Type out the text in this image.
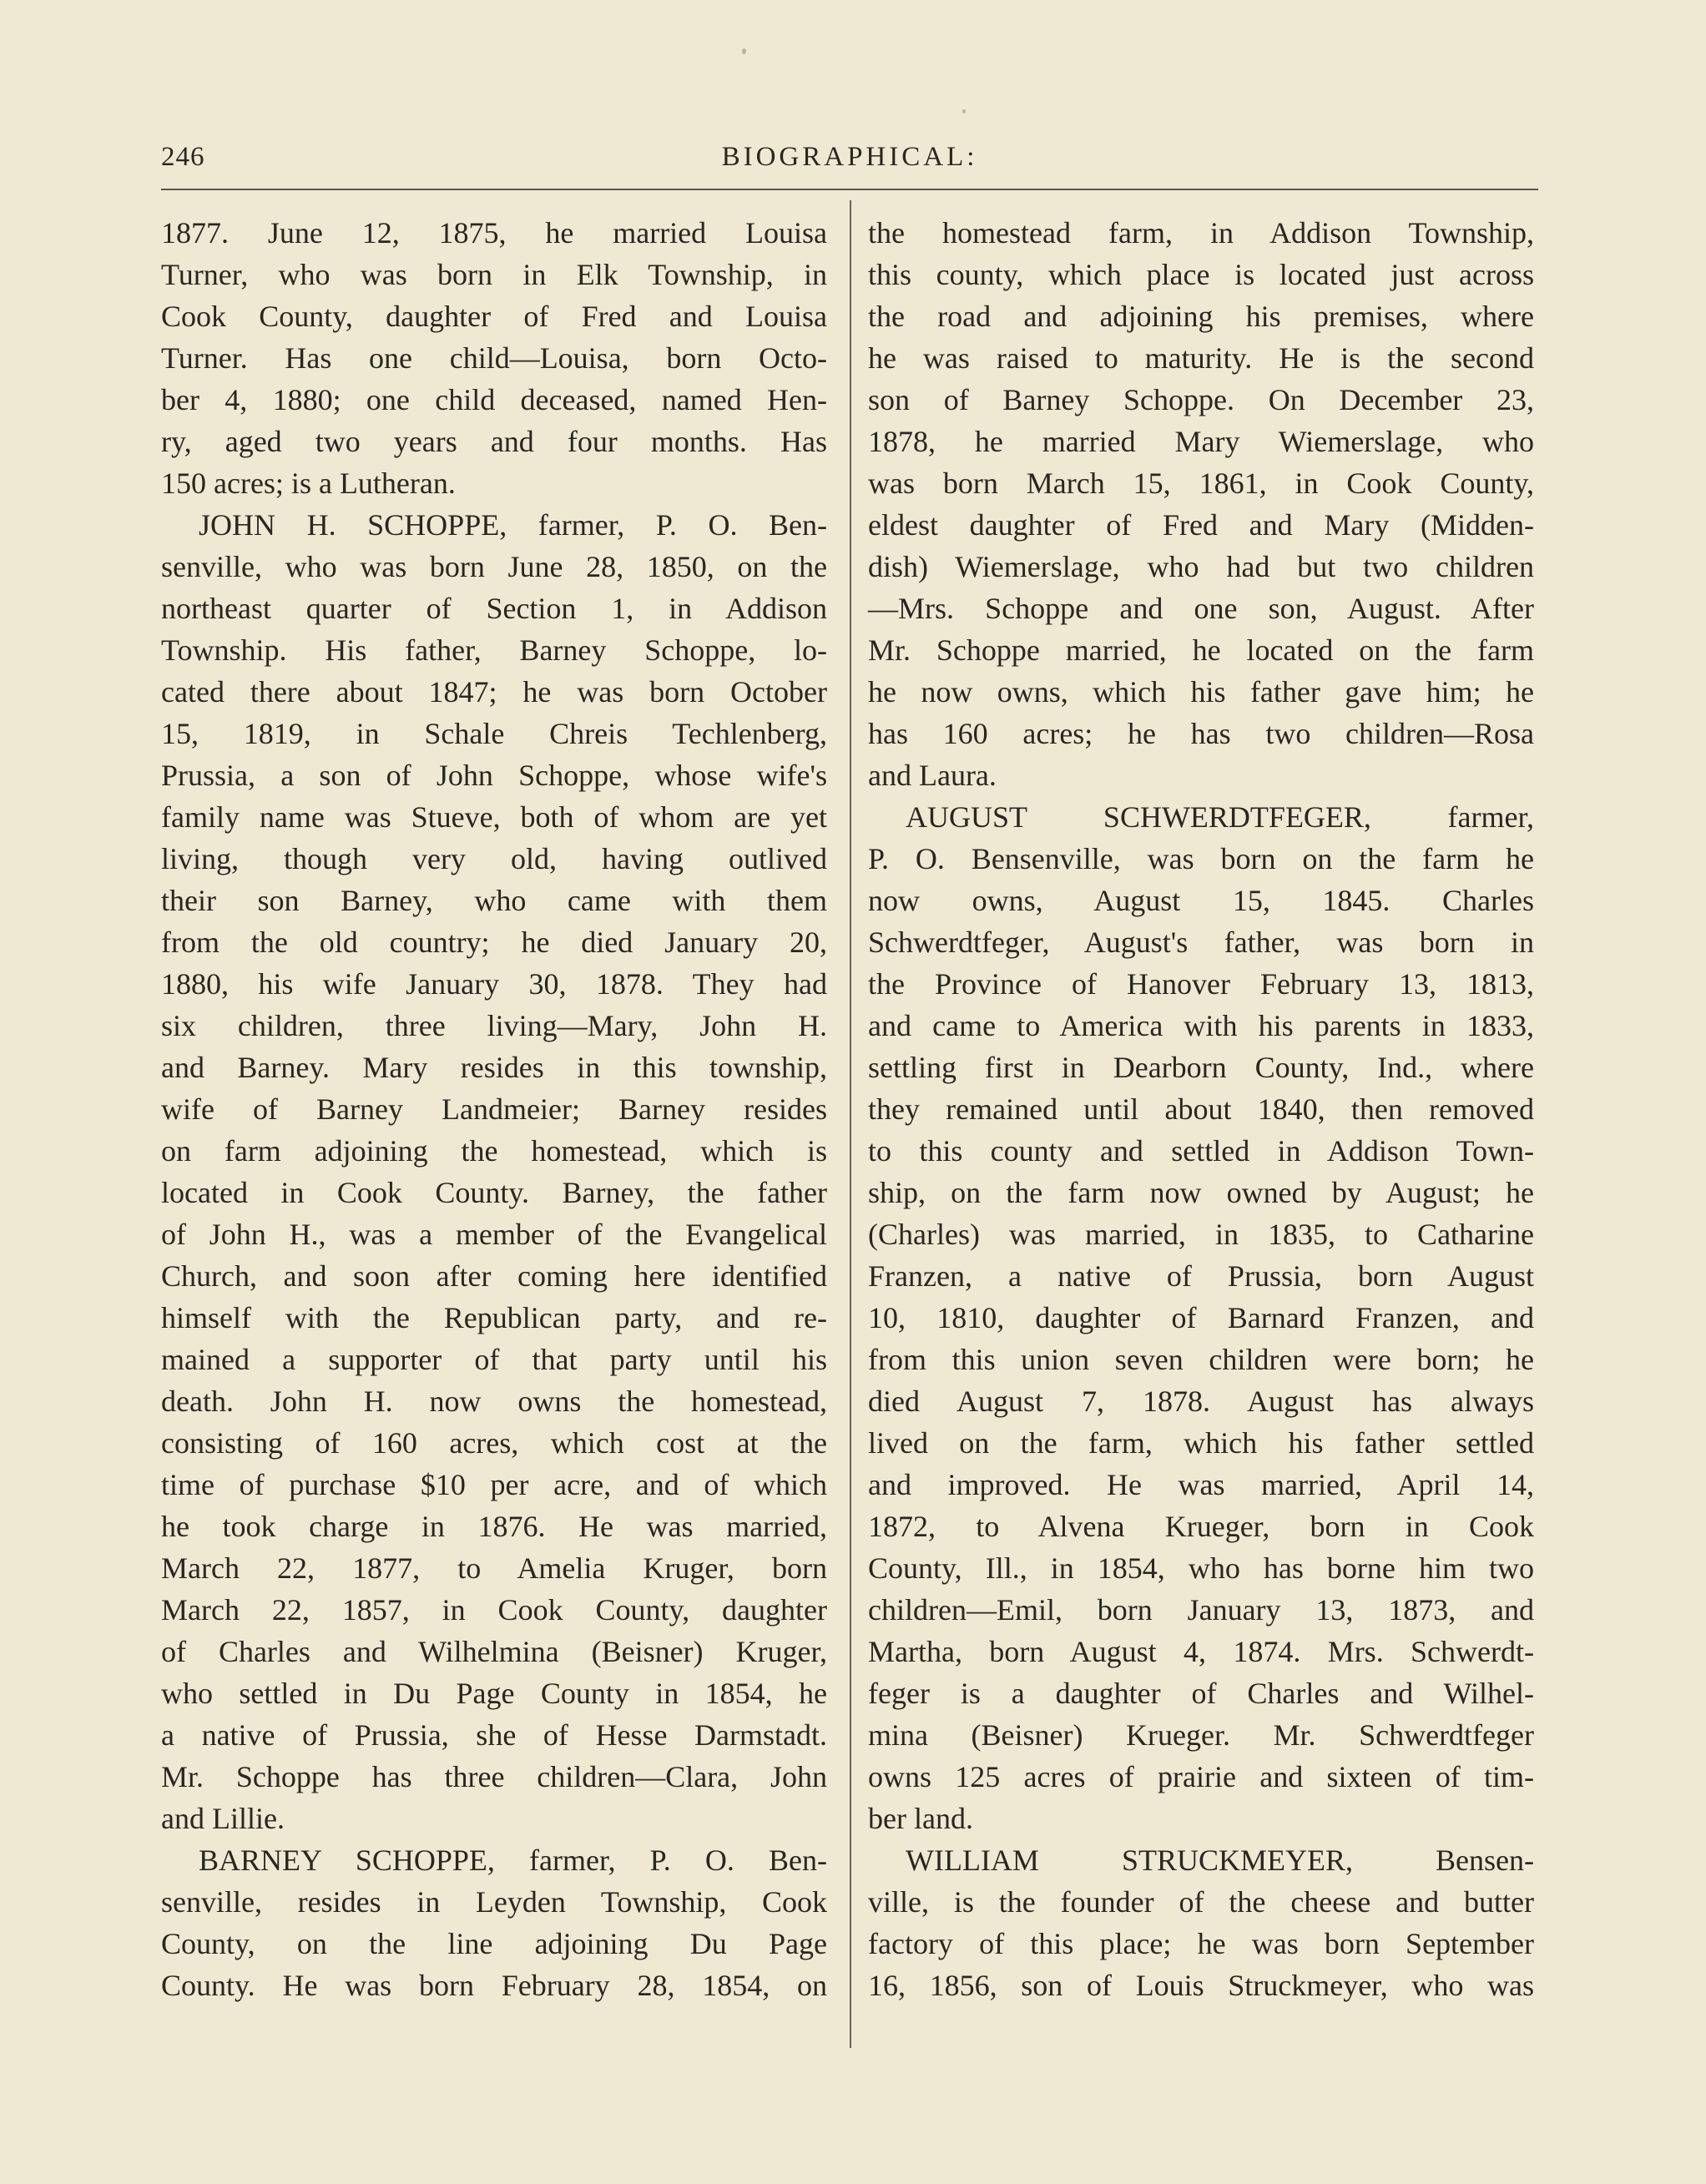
246	BIOGRAPHICAL:

1877. June 12, 1875, he married Louisa

Turner, who was born in Elk Township, in

Cook County, daughter of Fred and Louisa

Turner. Has one child—Louisa, born Octo-

ber 4, 1880; one child deceased, named Hen-

ry, aged two years and four months. Has

150 acres; is a Lutheran.

JOHN H. SCHOPPE, farmer, P. O. Ben-

senville, who was born June 28, 1850, on the

northeast quarter of Section 1, in Addison

Township. His father, Barney Schoppe, lo-

cated there about 1847; he was born October

15, 1819, in Schale Chreis Techlenberg,

Prussia, a son of John Schoppe, whose wife's

family name was Stueve, both of whom are yet

living, though very old, having outlived

their son Barney, who came with them

from the old country; he died January 20,

1880, his wife January 30, 1878. They had

six children, three living—Mary, John H.

and Barney. Mary resides in this township,

wife of Barney Landmeier; Barney resides

on farm adjoining the homestead, which is

located in Cook County. Barney, the father

of John H., was a member of the Evangelical

Church, and soon after coming here identified

himself with the Republican party, and re-

mained a supporter of that party until his

death. John H. now owns the homestead,

consisting of 160 acres, which cost at the

time of purchase $10 per acre, and of which

he took charge in 1876. He was married,

March 22, 1877, to Amelia Kruger, born

March 22, 1857, in Cook County, daughter

of Charles and Wilhelmina (Beisner) Kruger,

who settled in Du Page County in 1854, he

a native of Prussia, she of Hesse Darmstadt.

Mr. Schoppe has three children—Clara, John

and Lillie.

BARNEY SCHOPPE, farmer, P. O. Ben-

senville, resides in Leyden Township, Cook

County, on the line adjoining Du Page

County. He was born February 28, 1854, on

the homestead farm, in Addison Township,

this county, which place is located just across

the road and adjoining his premises, where

he was raised to maturity. He is the second

son of Barney Schoppe. On December 23,

1878, he married Mary Wiemerslage, who

was born March 15, 1861, in Cook County,

eldest daughter of Fred and Mary (Midden-

dish) Wiemerslage, who had but two children

—Mrs. Schoppe and one son, August. After

Mr. Schoppe married, he located on the farm

he now owns, which his father gave him; he

has 160 acres; he has two children—Rosa

and Laura.

AUGUST SCHWERDTFEGER, farmer,

P. O. Bensenville, was born on the farm he

now owns, August 15, 1845. Charles

Schwerdtfeger, August's father, was born in

the Province of Hanover February 13, 1813,

and came to America with his parents in 1833,

settling first in Dearborn County, Ind., where

they remained until about 1840, then removed

to this county and settled in Addison Town-

ship, on the farm now owned by August; he

(Charles) was married, in 1835, to Catharine

Franzen, a native of Prussia, born August

10, 1810, daughter of Barnard Franzen, and

from this union seven children were born; he

died August 7, 1878. August has always

lived on the farm, which his father settled

and improved. He was married, April 14,

1872, to Alvena Krueger, born in Cook

County, Ill., in 1854, who has borne him two

children—Emil, born January 13, 1873, and

Martha, born August 4, 1874. Mrs. Schwerdt-

feger is a daughter of Charles and Wilhel-

mina (Beisner) Krueger. Mr. Schwerdtfeger

owns 125 acres of prairie and sixteen of tim-

ber land.

WILLIAM STRUCKMEYER, Bensen-

ville, is the founder of the cheese and butter

factory of this place; he was born September

16, 1856, son of Louis Struckmeyer, who was
